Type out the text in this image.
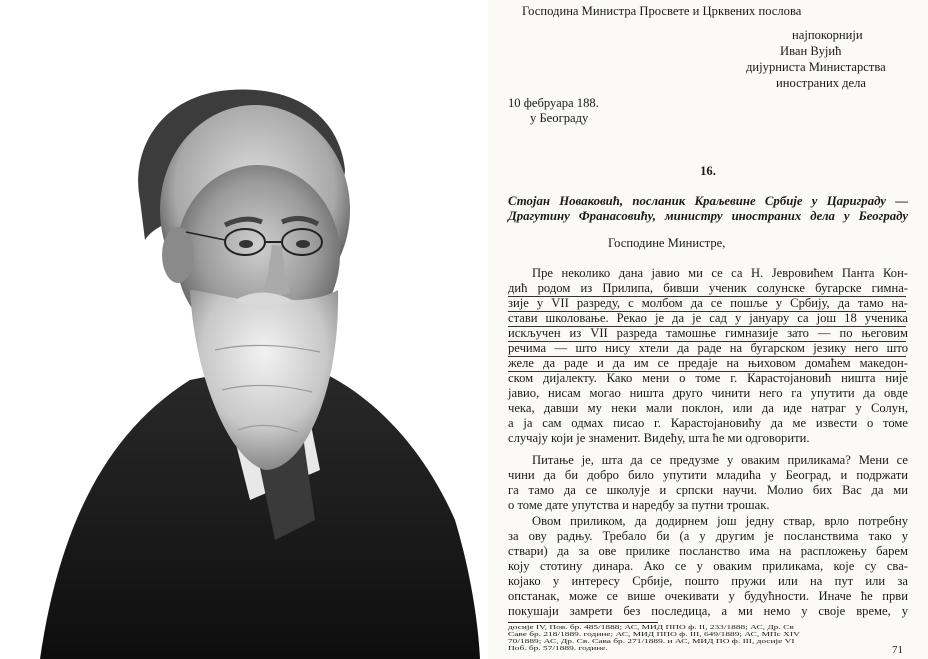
Господина Министра Просвете и Црквених послова
најпокорнији
Иван Вујић
дијурниста Министарства
иностраних дела
10 фебруара 188.
у Београду
16.
Стојан Новаковић, посланик Краљевине Србије у Цариграду —
Драгутину Франасовићу, министру иностраних дела у Београду
Господине Министре,
Пре неколико дана јавио ми се са Н. Јевровићем Панта Кон-
дић родом из Прилипа, бивши ученик солунске бугарске гимна-
зије у VII разреду, с молбом да се пошље у Србију, да тамо на-
стави школовање. Рекао је да је сад у јануару са још 18 ученика
искључен из VII разреда тамошње гимназије зато — по његовим
речима — што нису хтели да раде на бугарском језику него што
желе да раде и да им се предаје на њиховом домаћем македон-
ском дијалекту. Како мени о томе г. Карастојановић ништа није
јавио, нисам могао ништа друго чинити него га упутити да овде
чека, давши му неки мали поклон, или да иде натраг у Солун,
а ја сам одмах писао г. Карастојановићу да ме извести о томе
случају који је знаменит. Видећу, шта ће ми одговорити.
Питање је, шта да се предузме у оваким приликама? Мени се
чини да би добро било упутити младића у Београд, и подржати
га тамо да се школује и српски научи. Молио бих Вас да ми
о томе дате упутства и наредбу за путни трошак.
Овом приликом, да додирнем још једну ствар, врло потребну
за ову радњу. Требало би (а у другим је посланствима тако у
ствари) да за ове прилике посланство има на распложењу барем
коју стотину динара. Ако се у оваким приликама, које су сва-
којако у интересу Србије, пошто пружи или на пут или за
опстанак, може се више очекивати у будућности. Иначе ће први
покушаји замрети без последица, а ми немо у своје време, у
досије IV, Пов. бр. 485/1888; АС, МИД ППО ф. II, 233/1888; АС, Др. Св
Саве бр. 218/1889. године; АС, МИД ППО ф. III, 649/1889; АС, МПс XIV
70/1889; АС, Др. Св. Сава бр. 271/1889. и АС, МИД ПО ф. III, досије VI
Поб. бр. 57/1889. године.	71
